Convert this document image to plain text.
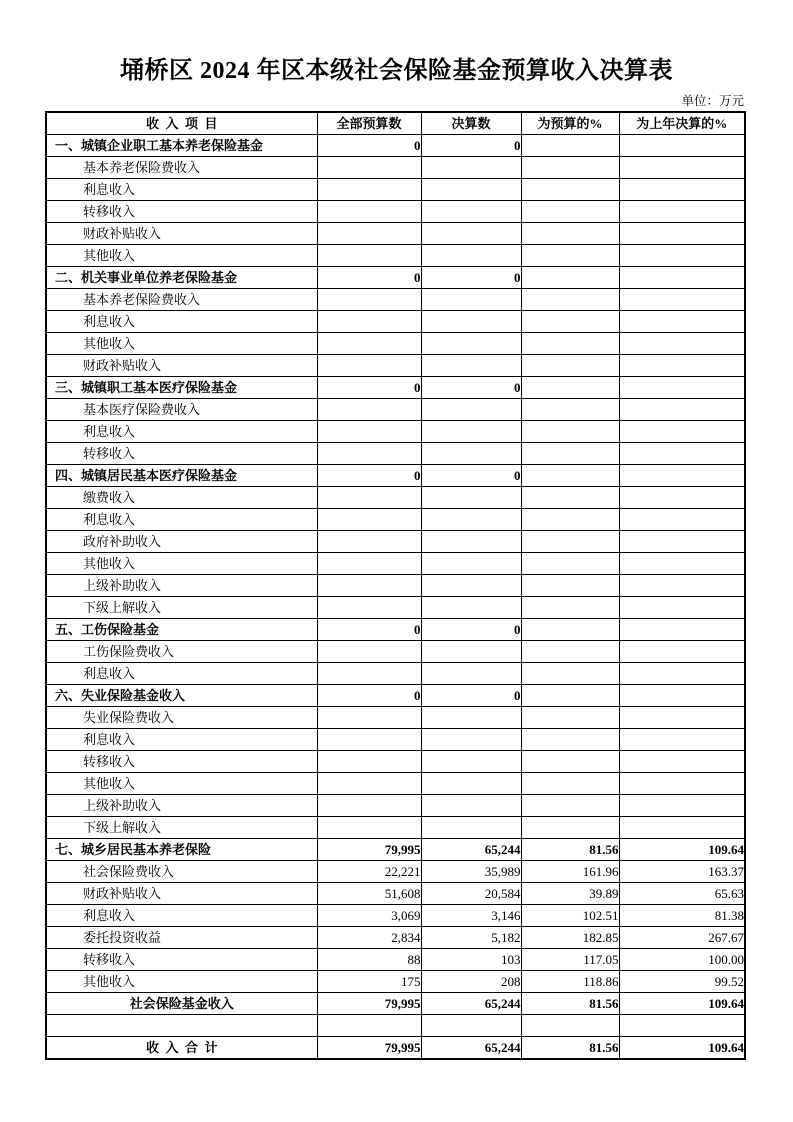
埇桥区 2024 年区本级社会保险基金预算收入决算表
单位：万元
收  入  项  目	全部预算数	决算数	为预算的%	为上年决算的%
一、城镇企业职工基本养老保险基金	0	0		
基本养老保险费收入				
利息收入				
转移收入				
财政补贴收入				
其他收入				
二、机关事业单位养老保险基金	0	0		
基本养老保险费收入				
利息收入				
其他收入				
财政补贴收入				
三、城镇职工基本医疗保险基金	0	0		
基本医疗保险费收入				
利息收入				
转移收入				
四、城镇居民基本医疗保险基金	0	0		
缴费收入				
利息收入				
政府补助收入				
其他收入				
上级补助收入				
下级上解收入				
五、工伤保险基金	0	0		
工伤保险费收入				
利息收入				
六、失业保险基金收入	0	0		
失业保险费收入				
利息收入				
转移收入				
其他收入				
上级补助收入				
下级上解收入				
七、城乡居民基本养老保险	79,995	65,244	81.56	109.64
社会保险费收入	22,221	35,989	161.96	163.37
财政补贴收入	51,608	20,584	39.89	65.63
利息收入	3,069	3,146	102.51	81.38
委托投资收益	2,834	5,182	182.85	267.67
转移收入	88	103	117.05	100.00
其他收入	175	208	118.86	99.52
社会保险基金收入	79,995	65,244	81.56	109.64

收  入  合  计	79,995	65,244	81.56	109.64
